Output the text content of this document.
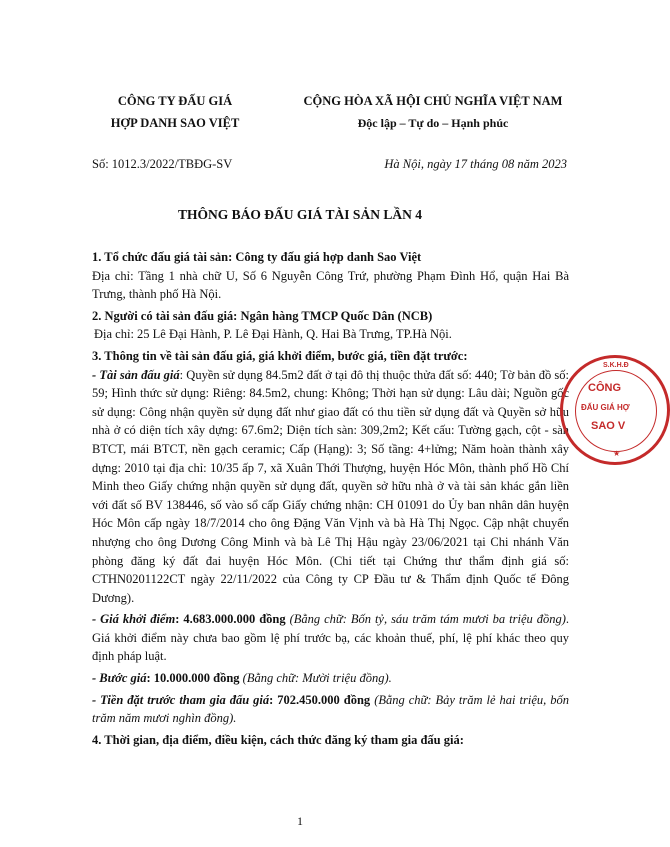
CÔNG TY ĐẤU GIÁ
HỢP DANH SAO VIỆT
CỘNG HÒA XÃ HỘI CHỦ NGHĨA VIỆT NAM
Độc lập – Tự do – Hạnh phúc
Số: 1012.3/2022/TBĐG-SV	Hà Nội, ngày 17 tháng 08 năm 2023
THÔNG BÁO ĐẤU GIÁ TÀI SẢN LẦN 4

1. Tổ chức đấu giá tài sản: Công ty đấu giá hợp danh Sao Việt

Địa chỉ: Tầng 1 nhà chữ U, Số 6 Nguyễn Công Trứ, phường Phạm Đình Hổ, quận Hai Bà Trưng, thành phố Hà Nội.

2. Người có tài sản đấu giá: Ngân hàng TMCP Quốc Dân (NCB)

Địa chỉ: 25 Lê Đại Hành, P. Lê Đại Hành, Q. Hai Bà Trưng, TP.Hà Nội.

3. Thông tin về tài sản đấu giá, giá khởi điểm, bước giá, tiền đặt trước:

- Tài sản đấu giá: Quyền sử dụng 84.5m2 đất ở tại đô thị thuộc thửa đất số: 440; Tờ bản đồ số: 59; Hình thức sử dụng: Riêng: 84.5m2, chung: Không; Thời hạn sử dụng: Lâu dài; Nguồn gốc sử dụng: Công nhận quyền sử dụng đất như giao đất có thu tiền sử dụng đất và Quyền sở hữu nhà ở có diện tích xây dựng: 67.6m2; Diện tích sàn: 309,2m2; Kết cấu: Tường gạch, cột - sàn BTCT, mái BTCT, nền gạch ceramic; Cấp (Hạng): 3; Số tầng: 4+lửng; Năm hoàn thành xây dựng: 2010 tại địa chỉ: 10/35 ấp 7, xã Xuân Thới Thượng, huyện Hóc Môn, thành phố Hồ Chí Minh theo Giấy chứng nhận quyền sử dụng đất, quyền sở hữu nhà ở và tài sản khác gắn liền với đất số BV 138446, số vào sổ cấp Giấy chứng nhận: CH 01091 do Ủy ban nhân dân huyện Hóc Môn cấp ngày 18/7/2014 cho ông Đặng Văn Vịnh và bà Hà Thị Ngọc. Cập nhật chuyển nhượng cho ông Dương Công Minh và bà Lê Thị Hậu ngày 23/06/2021 tại Chi nhánh Văn phòng đăng ký đất đai huyện Hóc Môn. (Chi tiết tại Chứng thư thẩm định giá số: CTHN0201122CT ngày 22/11/2022 của Công ty CP Đầu tư & Thẩm định Quốc tế Đông Dương).

- Giá khởi điểm: 4.683.000.000 đồng (Bằng chữ: Bốn tỷ, sáu trăm tám mươi ba triệu đồng). Giá khởi điểm này chưa bao gồm lệ phí trước bạ, các khoản thuế, phí, lệ phí khác theo quy định pháp luật.

- Bước giá: 10.000.000 đồng (Bằng chữ: Mười triệu đồng).

- Tiền đặt trước tham gia đấu giá: 702.450.000 đồng (Bằng chữ: Bảy trăm lẻ hai triệu, bốn trăm năm mươi nghìn đồng).

4. Thời gian, địa điểm, điều kiện, cách thức đăng ký tham gia đấu giá:

S.K.H.Đ
CÔNG
ĐẤU GIÁ HỢ
SAO V
★
1
